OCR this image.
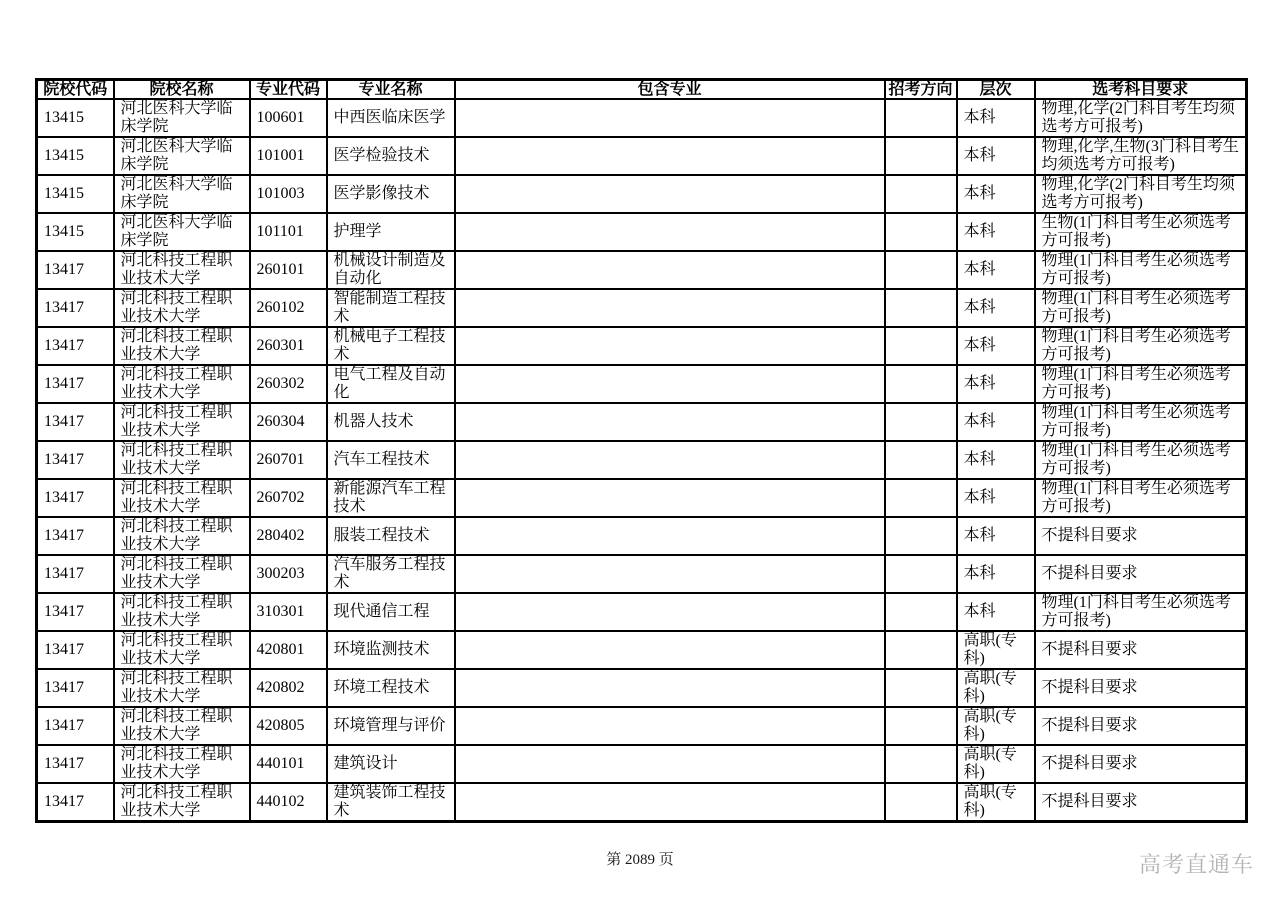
院校代码	院校名称	专业代码	专业名称	包含专业	招考方向	层次	选考科目要求
13415	河北医科大学临床学院	100601	中西医临床医学			本科	物理,化学(2门科目考生均须选考方可报考)
13415	河北医科大学临床学院	101001	医学检验技术			本科	物理,化学,生物(3门科目考生均须选考方可报考)
13415	河北医科大学临床学院	101003	医学影像技术			本科	物理,化学(2门科目考生均须选考方可报考)
13415	河北医科大学临床学院	101101	护理学			本科	生物(1门科目考生必须选考方可报考)
13417	河北科技工程职业技术大学	260101	机械设计制造及自动化			本科	物理(1门科目考生必须选考方可报考)
13417	河北科技工程职业技术大学	260102	智能制造工程技术			本科	物理(1门科目考生必须选考方可报考)
13417	河北科技工程职业技术大学	260301	机械电子工程技术			本科	物理(1门科目考生必须选考方可报考)
13417	河北科技工程职业技术大学	260302	电气工程及自动化			本科	物理(1门科目考生必须选考方可报考)
13417	河北科技工程职业技术大学	260304	机器人技术			本科	物理(1门科目考生必须选考方可报考)
13417	河北科技工程职业技术大学	260701	汽车工程技术			本科	物理(1门科目考生必须选考方可报考)
13417	河北科技工程职业技术大学	260702	新能源汽车工程技术			本科	物理(1门科目考生必须选考方可报考)
13417	河北科技工程职业技术大学	280402	服装工程技术			本科	不提科目要求
13417	河北科技工程职业技术大学	300203	汽车服务工程技术			本科	不提科目要求
13417	河北科技工程职业技术大学	310301	现代通信工程			本科	物理(1门科目考生必须选考方可报考)
13417	河北科技工程职业技术大学	420801	环境监测技术			高职(专科)	不提科目要求
13417	河北科技工程职业技术大学	420802	环境工程技术			高职(专科)	不提科目要求
13417	河北科技工程职业技术大学	420805	环境管理与评价			高职(专科)	不提科目要求
13417	河北科技工程职业技术大学	440101	建筑设计			高职(专科)	不提科目要求
13417	河北科技工程职业技术大学	440102	建筑装饰工程技术			高职(专科)	不提科目要求
第 2089 页	高考直通车
